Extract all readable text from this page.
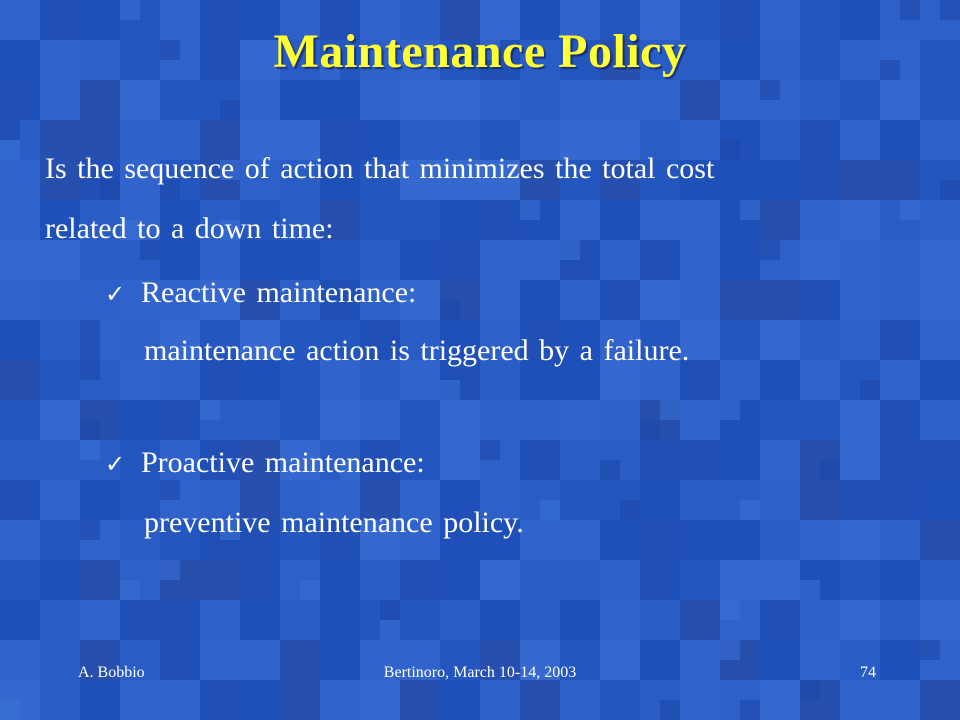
Maintenance Policy

Is the sequence of action that minimizes the total cost

related to a down time:

✓ Reactive maintenance:

maintenance action is triggered by a failure.

✓ Proactive maintenance:

preventive maintenance policy.

A. Bobbio	Bertinoro, March 10-14, 2003	74
